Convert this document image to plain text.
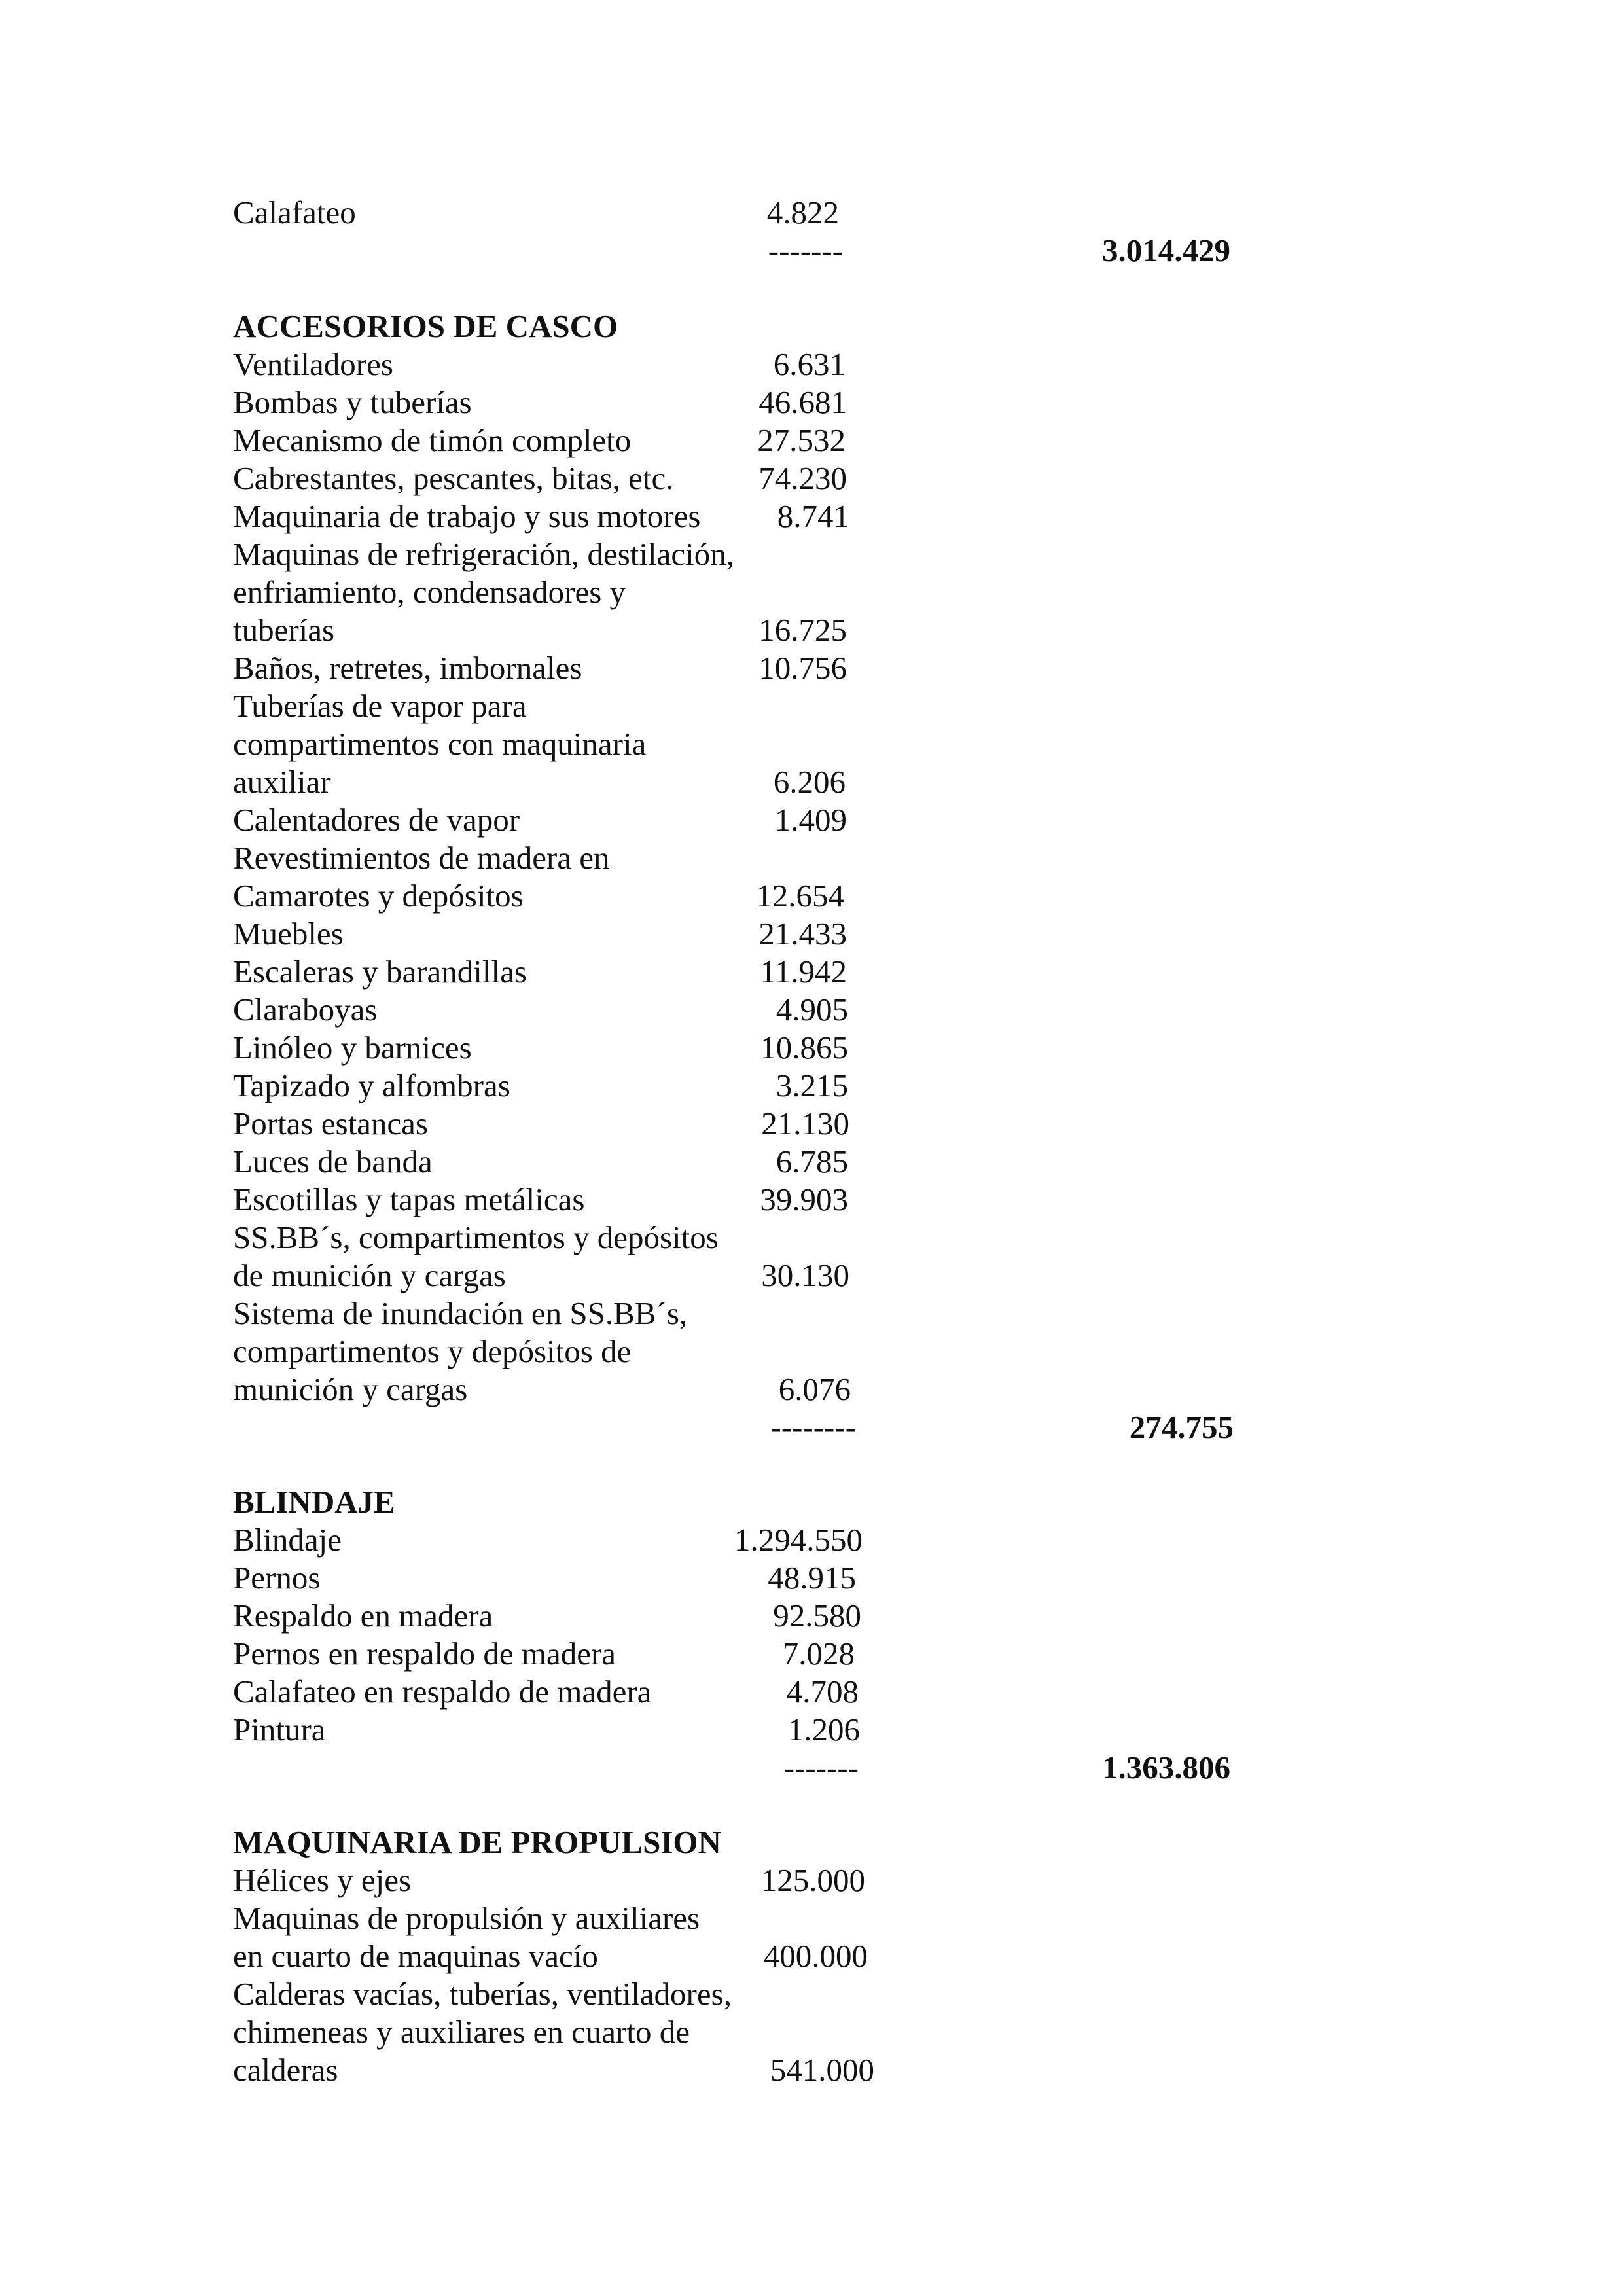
Calafateo	4.822
-------	3.014.429
ACCESORIOS DE CASCO
Ventiladores	6.631
Bombas y tuberías	46.681
Mecanismo de timón completo	27.532
Cabrestantes, pescantes, bitas, etc.	74.230
Maquinaria de trabajo y sus motores	8.741
Maquinas de refrigeración, destilación,
enfriamiento, condensadores y
tuberías	16.725
Baños, retretes, imbornales	10.756
Tuberías de vapor para
compartimentos con maquinaria
auxiliar	6.206
Calentadores de vapor	1.409
Revestimientos de madera en
Camarotes y depósitos	12.654
Muebles	21.433
Escaleras y barandillas	11.942
Claraboyas	4.905
Linóleo y barnices	10.865
Tapizado y alfombras	3.215
Portas estancas	21.130
Luces de banda	6.785
Escotillas y tapas metálicas	39.903
SS.BB´s, compartimentos y depósitos
de munición y cargas	30.130
Sistema de inundación en SS.BB´s,
compartimentos y depósitos de
munición y cargas	6.076
--------	274.755
BLINDAJE
Blindaje	1.294.550
Pernos	48.915
Respaldo en madera	92.580
Pernos en respaldo de madera	7.028
Calafateo en respaldo de madera	4.708
Pintura	1.206
-------	1.363.806
MAQUINARIA DE PROPULSION
Hélices y ejes	125.000
Maquinas de propulsión y auxiliares
en cuarto de maquinas vacío	400.000
Calderas vacías, tuberías, ventiladores,
chimeneas y auxiliares en cuarto de
calderas	541.000
